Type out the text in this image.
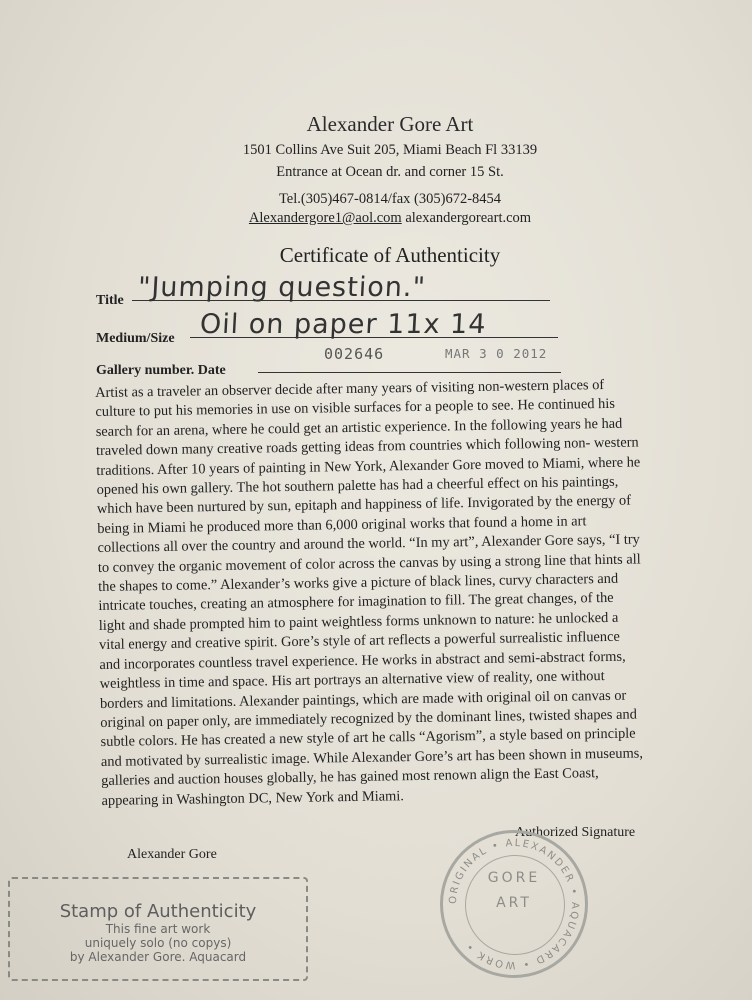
Alexander Gore Art
1501 Collins Ave Suit 205, Miami Beach Fl 33139
Entrance at Ocean dr. and corner 15 St.
Tel.(305)467-0814/fax (305)672-8454
Alexandergore1@aol.com alexandergoreart.com
Certificate of Authenticity
Title "Jumping question."
Medium/Size Oil on paper 11x 14
Gallery number. Date
002646	MAR 3 0 2012
Artist as a traveler an observer decide after many years of visiting non-western places of culture to put his memories in use on visible surfaces for a people to see. He continued his search for an arena, where he could get an artistic experience. In the following years he had traveled down many creative roads getting ideas from countries which following non- western traditions. After 10 years of painting in New York, Alexander Gore moved to Miami, where he opened his own gallery. The hot southern palette has had a cheerful effect on his paintings, which have been nurtured by sun, epitaph and happiness of life. Invigorated by the energy of being in Miami he produced more than 6,000 original works that found a home in art collections all over the country and around the world. “In my art”, Alexander Gore says, “I try to convey the organic movement of color across the canvas by using a strong line that hints all the shapes to come.” Alexander’s works give a picture of black lines, curvy characters and intricate touches, creating an atmosphere for imagination to fill. The great changes, of the light and shade prompted him to paint weightless forms unknown to nature: he unlocked a vital energy and creative spirit. Gore’s style of art reflects a powerful surrealistic influence and incorporates countless travel experience. He works in abstract and semi-abstract forms, weightless in time and space. His art portrays an alternative view of reality, one without borders and limitations. Alexander paintings, which are made with original oil on canvas or original on paper only, are immediately recognized by the dominant lines, twisted shapes and subtle colors. He has created a new style of art he calls “Agorism”, a style based on principle and motivated by surrealistic image. While Alexander Gore’s art has been shown in museums, galleries and auction houses globally, he has gained most renown align the East Coast, appearing in Washington DC, New York and Miami.
Alexander Gore
Authorized Signature
Stamp of Authenticity
This fine art work
uniquely solo (no copys)
by Alexander Gore. Aquacard
ORIGINAL • ALEXANDER • AQUACARD • WORK •
GORE
ART
